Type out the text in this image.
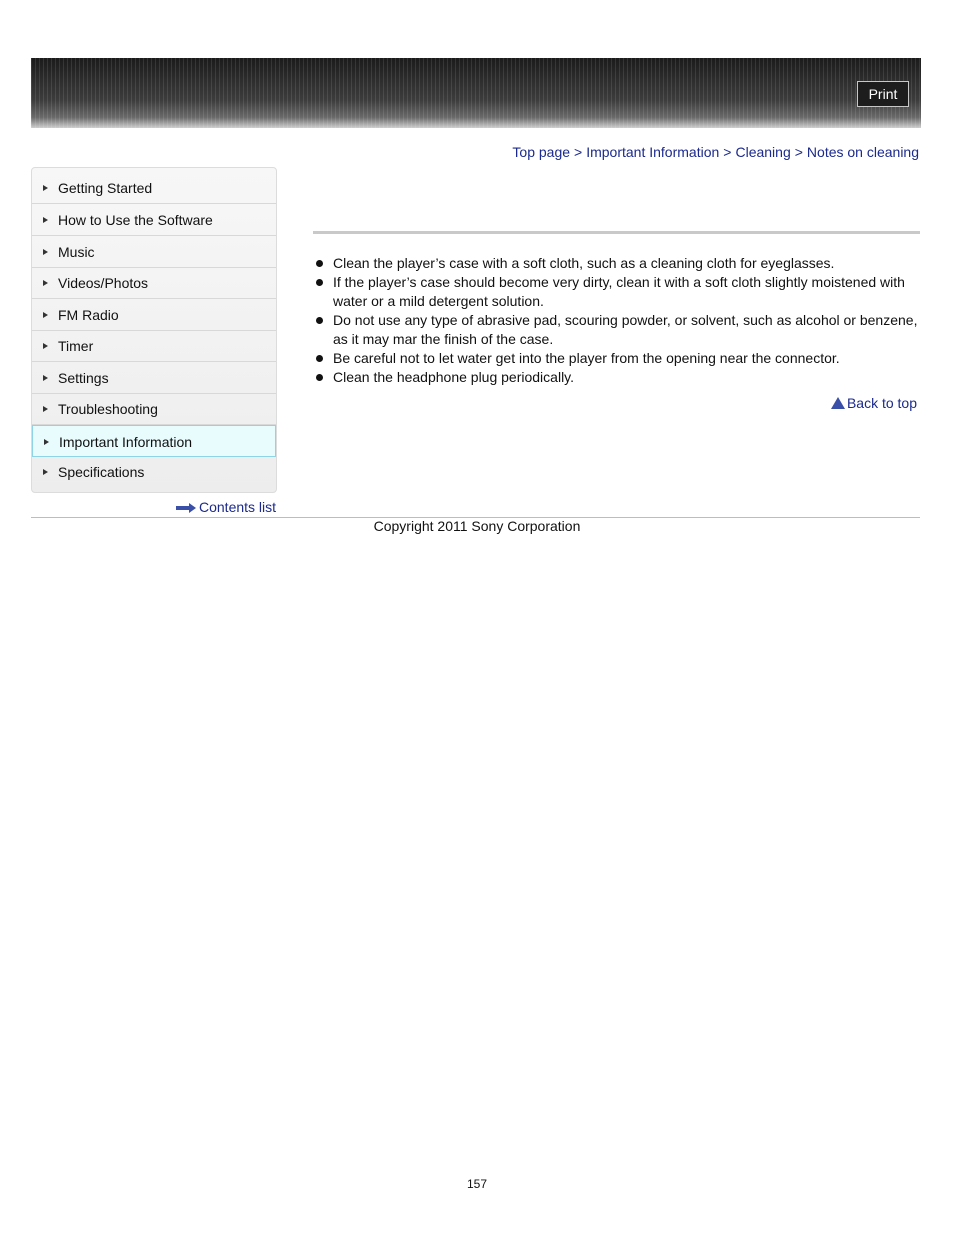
Print
Top page > Important Information > Cleaning > Notes on cleaning
Getting Started
How to Use the Software
Music
Videos/Photos
FM Radio
Timer
Settings
Troubleshooting
Important Information
Specifications
Contents list
Clean the player’s case with a soft cloth, such as a cleaning cloth for eyeglasses.
If the player’s case should become very dirty, clean it with a soft cloth slightly moistened with water or a mild detergent solution.
Do not use any type of abrasive pad, scouring powder, or solvent, such as alcohol or benzene, as it may mar the finish of the case.
Be careful not to let water get into the player from the opening near the connector.
Clean the headphone plug periodically.
Back to top
Copyright 2011 Sony Corporation
157
